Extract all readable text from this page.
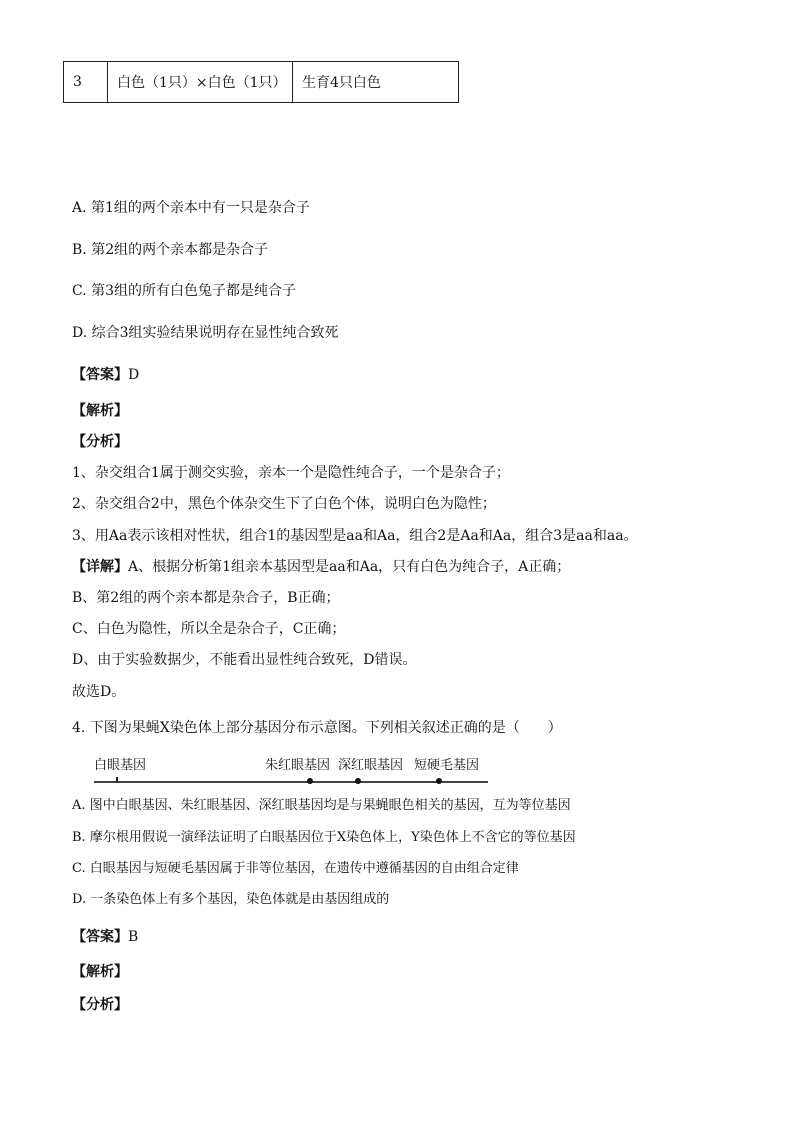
3	白色（1只）×白色（1只） 生育4只白色
A. 第1组的两个亲本中有一只是杂合子
B. 第2组的两个亲本都是杂合子
C. 第3组的所有白色兔子都是纯合子
D. 综合3组实验结果说明存在显性纯合致死
【答案】D
【解析】
【分析】
1、杂交组合1属于测交实验，亲本一个是隐性纯合子，一个是杂合子；
2、杂交组合2中，黑色个体杂交生下了白色个体，说明白色为隐性；
3、用Aa表示该相对性状，组合1的基因型是aa和Aa，组合2是Aa和Aa，组合3是aa和aa。
【详解】A、根据分析第1组亲本基因型是aa和Aa，只有白色为纯合子，A正确；
B、第2组的两个亲本都是杂合子，B正确；
C、白色为隐性，所以全是杂合子，C正确；
D、由于实验数据少，不能看出显性纯合致死，D错误。
故选D。
4. 下图为果蝇X染色体上部分基因分布示意图。下列相关叙述正确的是（　　）
白眼基因	朱红眼基因 深红眼基因 短硬毛基因
A. 图中白眼基因、朱红眼基因、深红眼基因均是与果蝇眼色相关的基因，互为等位基因
B. 摩尔根用假说一演绎法证明了白眼基因位于X染色体上，Y染色体上不含它的等位基因
C. 白眼基因与短硬毛基因属于非等位基因，在遗传中遵循基因的自由组合定律
D. 一条染色体上有多个基因，染色体就是由基因组成的
【答案】B
【解析】
【分析】
